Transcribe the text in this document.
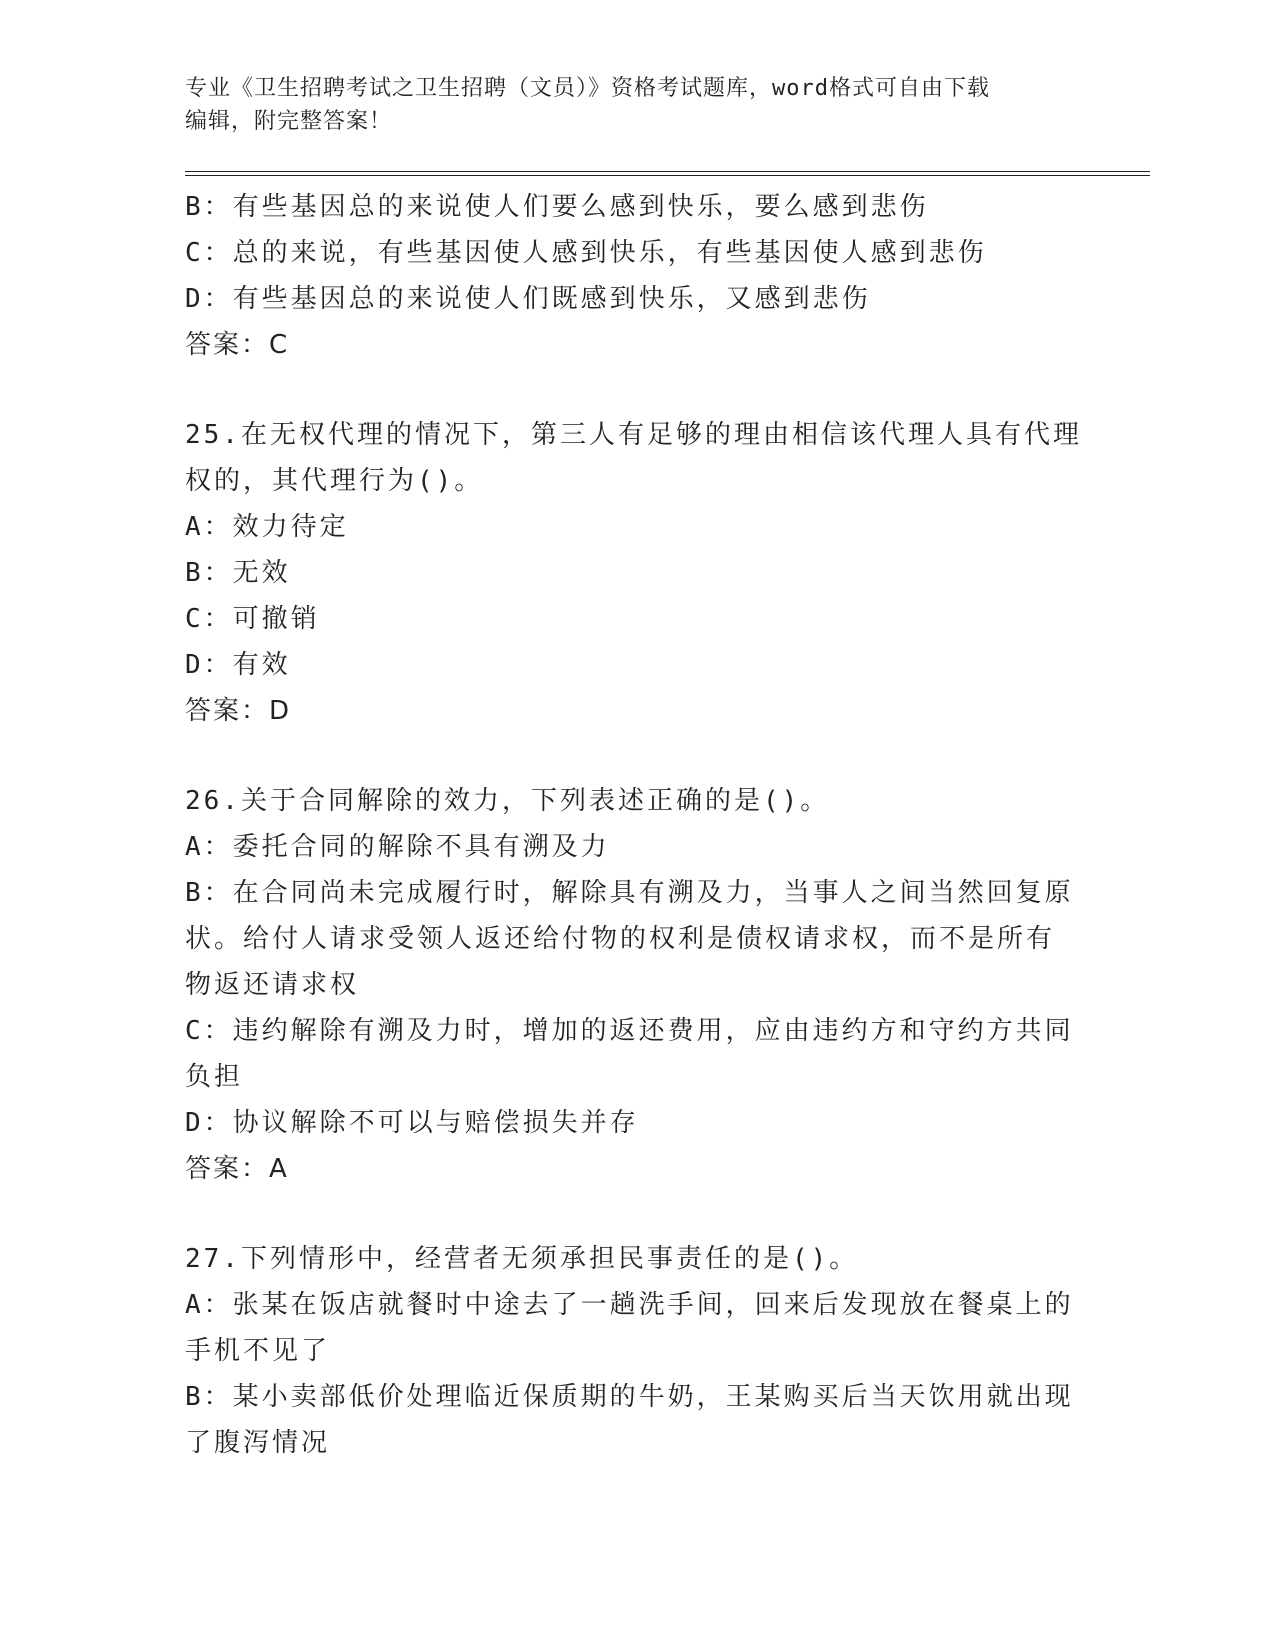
专业《卫生招聘考试之卫生招聘（文员）》资格考试题库，word格式可自由下载
编辑，附完整答案！
B：有些基因总的来说使人们要么感到快乐，要么感到悲伤
C：总的来说，有些基因使人感到快乐，有些基因使人感到悲伤
D：有些基因总的来说使人们既感到快乐，又感到悲伤
答案：C
25.在无权代理的情况下，第三人有足够的理由相信该代理人具有代理
权的，其代理行为()。
A：效力待定
B：无效
C：可撤销
D：有效
答案：D
26.关于合同解除的效力，下列表述正确的是()。
A：委托合同的解除不具有溯及力
B：在合同尚未完成履行时，解除具有溯及力，当事人之间当然回复原
状。给付人请求受领人返还给付物的权利是债权请求权，而不是所有
物返还请求权
C：违约解除有溯及力时，增加的返还费用，应由违约方和守约方共同
负担
D：协议解除不可以与赔偿损失并存
答案：A
27.下列情形中，经营者无须承担民事责任的是()。
A：张某在饭店就餐时中途去了一趟洗手间，回来后发现放在餐桌上的
手机不见了
B：某小卖部低价处理临近保质期的牛奶，王某购买后当天饮用就出现
了腹泻情况
